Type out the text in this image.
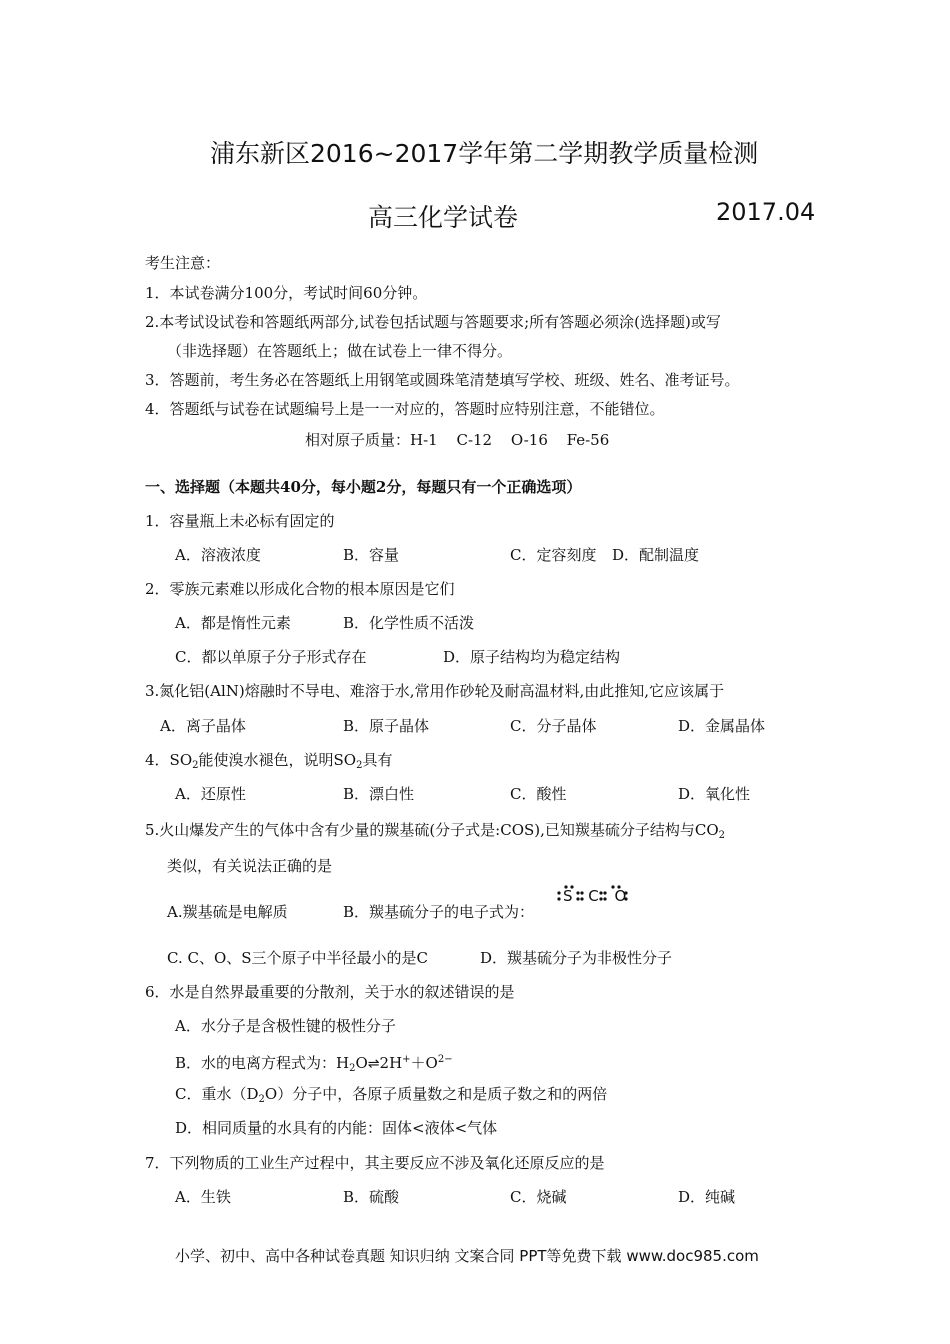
浦东新区2016~2017学年第二学期教学质量检测
高三化学试卷	2017.04
考生注意：
1．本试卷满分100分，考试时间60分钟。
2.本考试设试卷和答题纸两部分,试卷包括试题与答题要求;所有答题必须涂(选择题)或写
（非选择题）在答题纸上；做在试卷上一律不得分。
3．答题前，考生务必在答题纸上用钢笔或圆珠笔清楚填写学校、班级、姓名、准考证号。
4．答题纸与试卷在试题编号上是一一对应的，答题时应特别注意，不能错位。
相对原子质量：H-1 C-12 O-16 Fe-56
一、选择题（本题共40分，每小题2分，每题只有一个正确选项）
1．容量瓶上未必标有固定的
A．溶液浓度	B．容量	C．定容刻度 D．配制温度
2．零族元素难以形成化合物的根本原因是它们
A．都是惰性元素	B．化学性质不活泼
C．都以单原子分子形式存在	D．原子结构均为稳定结构
3.氮化铝(AlN)熔融时不导电、难溶于水,常用作砂轮及耐高温材料,由此推知,它应该属于
A．离子晶体	B．原子晶体	C．分子晶体	D．金属晶体
4．$SO_2$能使溴水褪色，说明$SO_2$具有
A．还原性	B．漂白性	C．酸性	D．氧化性
5.火山爆发产生的气体中含有少量的羰基硫(分子式是:COS),已知羰基硫分子结构与$CO_2$
类似，有关说法正确的是
A.羰基硫是电解质	B．羰基硫分子的电子式为：
S C O
C. C、O、S三个原子中半径最小的是C	D．羰基硫分子为非极性分子
6．水是自然界最重要的分散剂，关于水的叙述错误的是
A．水分子是含极性键的极性分子
B．水的电离方程式为：$H_2O\rightleftharpoons 2H^++O^{2-}$
C．重水$(D_2O)$分子中，各原子质量数之和是质子数之和的两倍
D．相同质量的水具有的内能：固体<液体<气体
7．下列物质的工业生产过程中，其主要反应不涉及氧化还原反应的是
A．生铁	B．硫酸	C．烧碱	D．纯碱
小学、初中、高中各种试卷真题 知识归纳 文案合同 PPT等免费下载 www.doc985.com
